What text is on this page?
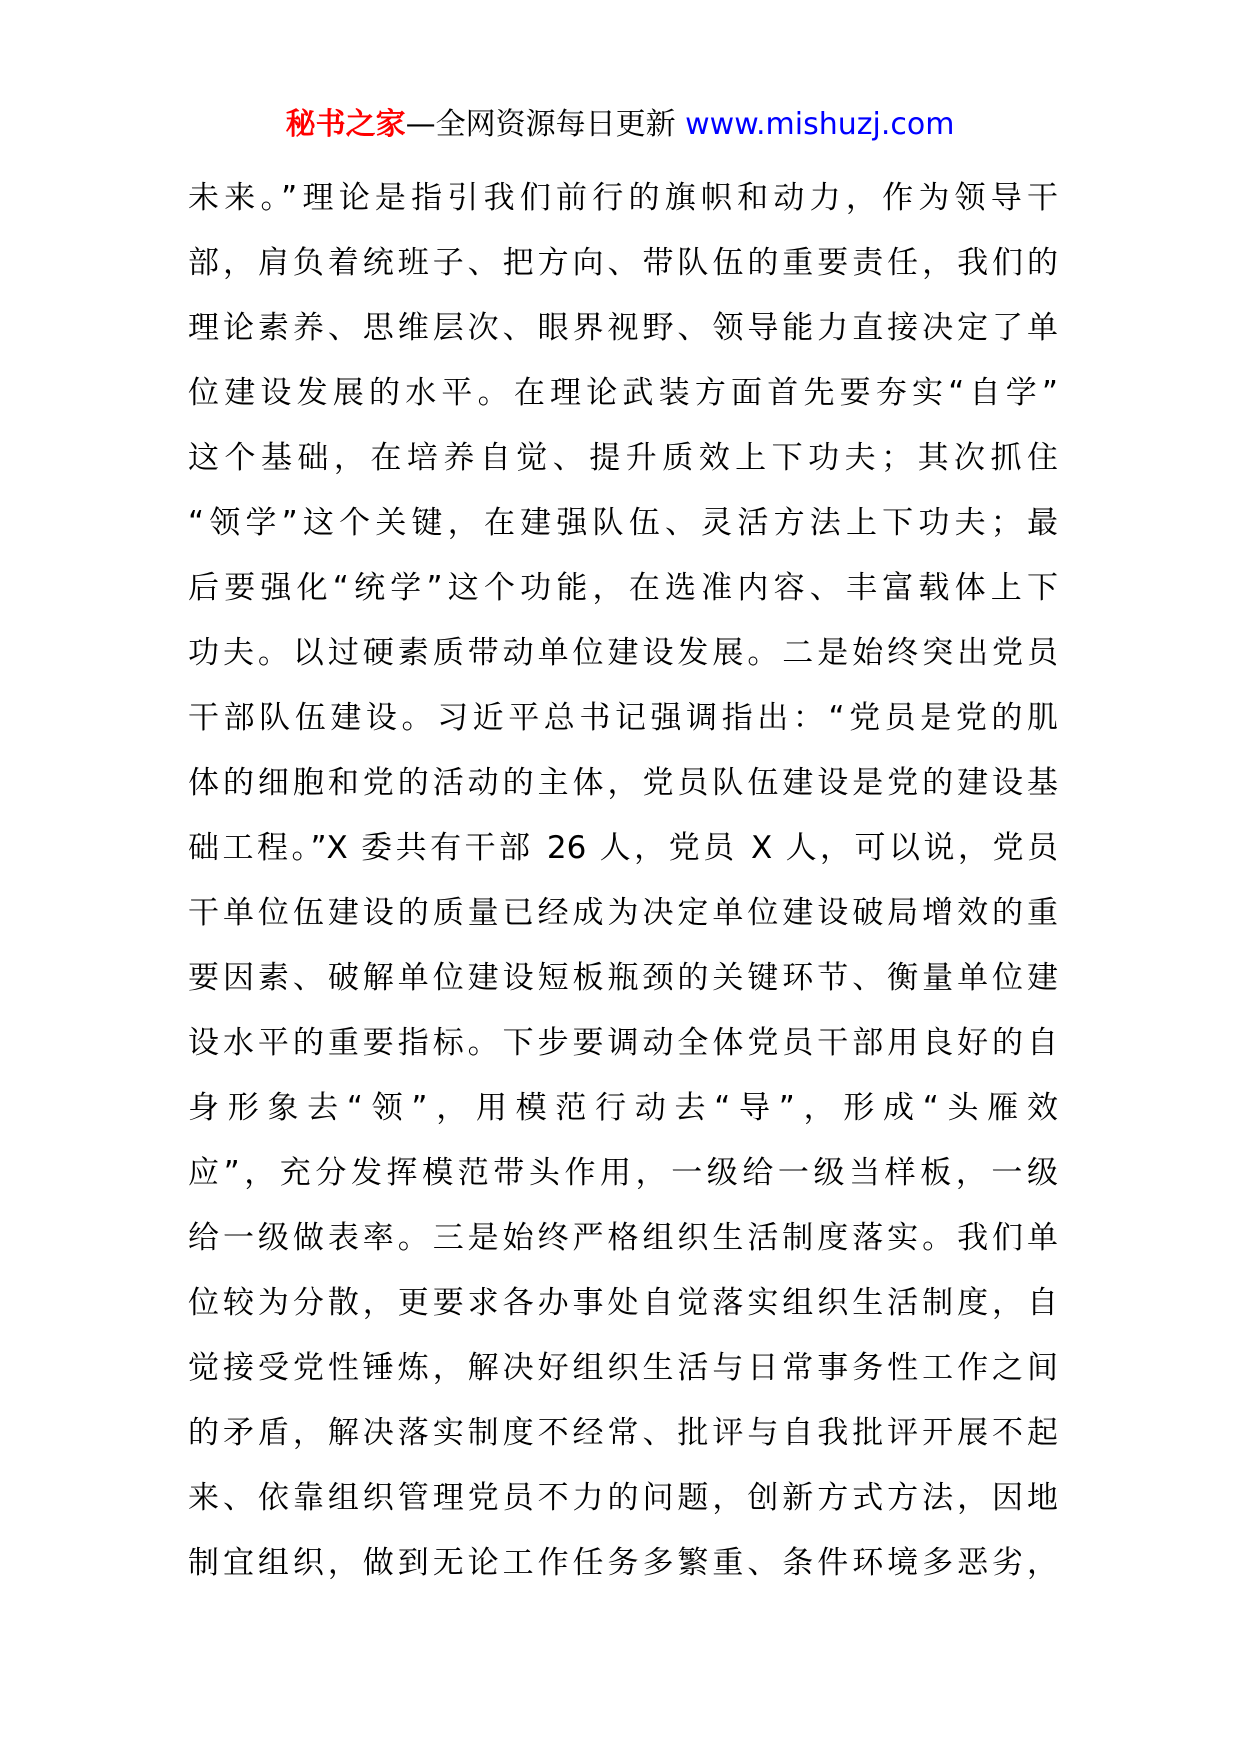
秘书之家—全网资源每日更新 www.mishuzj.com
未来。”理论是指引我们前行的旗帜和动力，作为领导干
部，肩负着统班子、把方向、带队伍的重要责任，我们的
理论素养、思维层次、眼界视野、领导能力直接决定了单
位建设发展的水平。在理论武装方面首先要夯实“自学”
这个基础，在培养自觉、提升质效上下功夫；其次抓住
“领学”这个关键，在建强队伍、灵活方法上下功夫；最
后要强化“统学”这个功能，在选准内容、丰富载体上下
功夫。以过硬素质带动单位建设发展。二是始终突出党员
干部队伍建设。习近平总书记强调指出：“党员是党的肌
体的细胞和党的活动的主体，党员队伍建设是党的建设基
础工程。”X 委共有干部 26 人，党员 X 人，可以说，党员
干单位伍建设的质量已经成为决定单位建设破局增效的重
要因素、破解单位建设短板瓶颈的关键环节、衡量单位建
设水平的重要指标。下步要调动全体党员干部用良好的自
身形象去“领”，用模范行动去“导”，形成“头雁效
应”，充分发挥模范带头作用，一级给一级当样板，一级
给一级做表率。三是始终严格组织生活制度落实。我们单
位较为分散，更要求各办事处自觉落实组织生活制度，自
觉接受党性锤炼，解决好组织生活与日常事务性工作之间
的矛盾，解决落实制度不经常、批评与自我批评开展不起
来、依靠组织管理党员不力的问题，创新方式方法，因地
制宜组织，做到无论工作任务多繁重、条件环境多恶劣，
